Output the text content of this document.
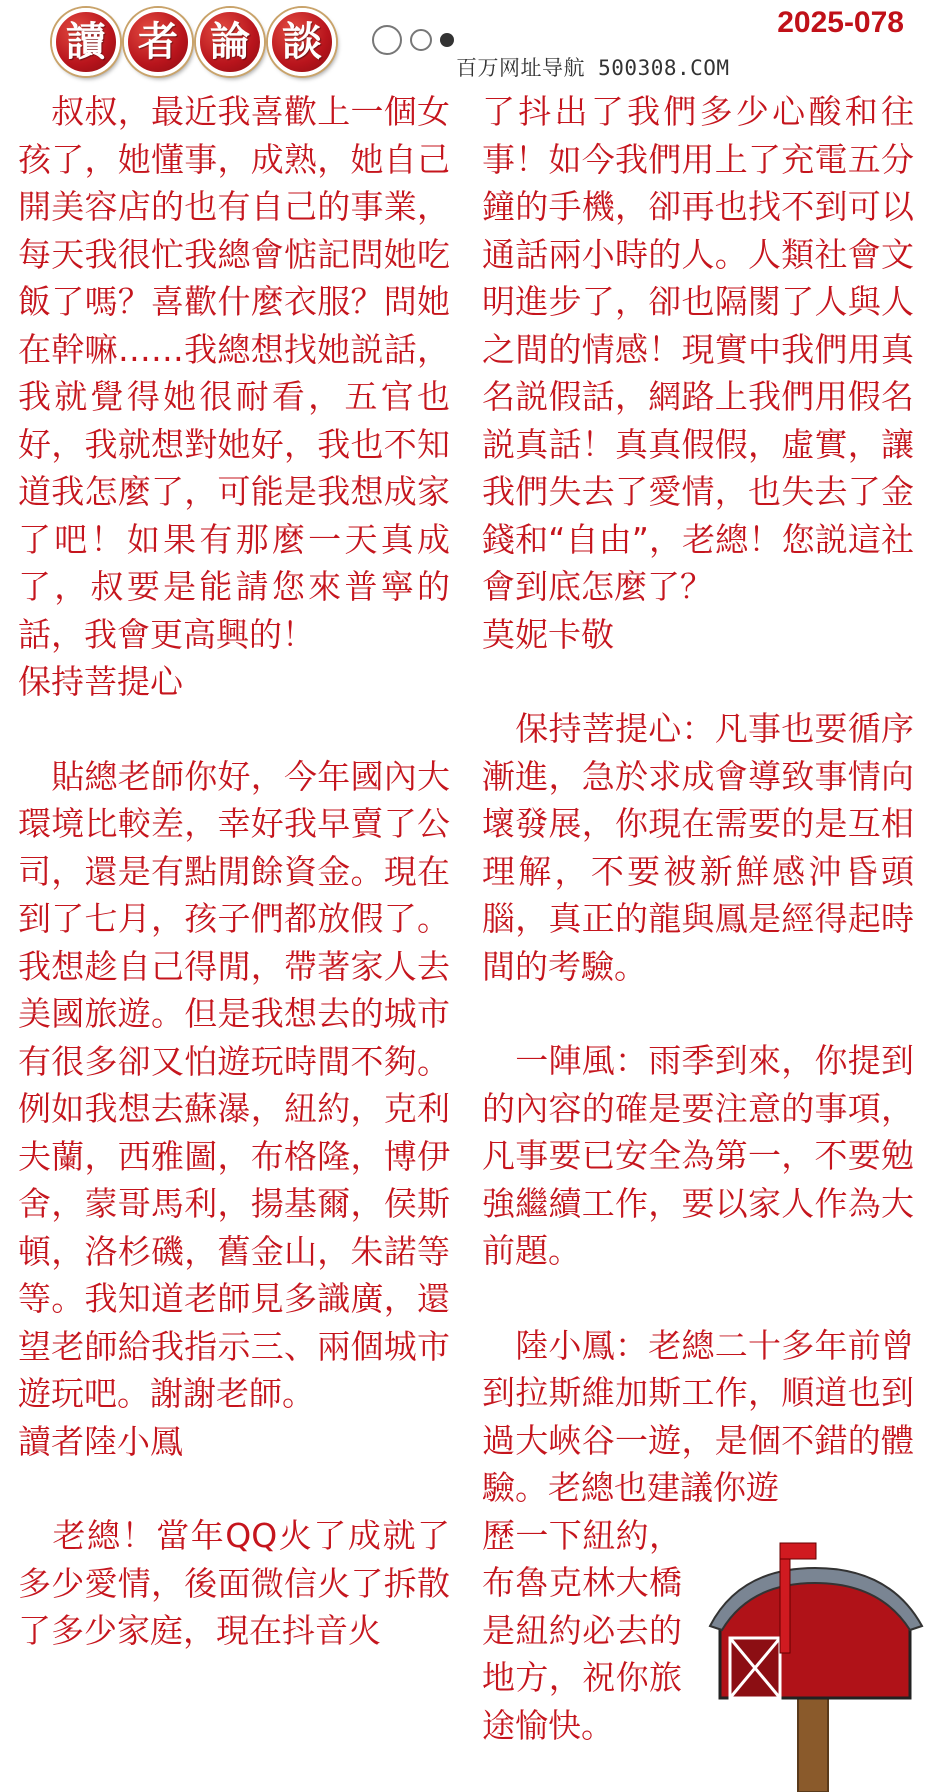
讀 者 論 談	2025-078
百万网址导航 500308.COM

　叔叔，最近我喜歡上一個女孩了，她懂事，成熟，她自己開美容店的也有自己的事業，每天我很忙我總會惦記問她吃飯了嗎？喜歡什麼衣服？問她在幹嘛……我總想找她説話，我就覺得她很耐看，五官也好，我就想對她好，我也不知道我怎麼了，可能是我想成家了吧！如果有那麼一天真成了，叔要是能請您來普寧的話，我會更高興的！

保持菩提心

　貼總老師你好，今年國內大環境比較差，幸好我早賣了公司，還是有點閒餘資金。現在到了七月，孩子們都放假了。我想趁自己得閒，帶著家人去美國旅遊。但是我想去的城市有很多卻又怕遊玩時間不夠。例如我想去蘇瀑，紐約，克利夫蘭，西雅圖，布格隆，博伊舍，蒙哥馬利，揚基爾，侯斯頓，洛杉磯，舊金山，朱諾等等。我知道老師見多識廣，還望老師給我指示三、兩個城市遊玩吧。謝謝老師。

讀者陸小鳳

　老總！當年QQ火了成就了多少愛情，後面微信火了拆散了多少家庭，現在抖音火

了抖出了我們多少心酸和往事！如今我們用上了充電五分鐘的手機，卻再也找不到可以通話兩小時的人。人類社會文明進步了，卻也隔閡了人與人之間的情感！現實中我們用真名説假話，網路上我們用假名説真話！真真假假，虛實，讓我們失去了愛情，也失去了金錢和“自由”，老總！您説這社會到底怎麼了？

莫妮卡敬

　保持菩提心：凡事也要循序漸進，急於求成會導致事情向壞發展，你現在需要的是互相理解，不要被新鮮感沖昏頭腦，真正的龍與鳳是經得起時間的考驗。

　一陣風：雨季到來，你提到的內容的確是要注意的事項，凡事要已安全為第一，不要勉強繼續工作，要以家人作為大前題。

　陸小鳳：老總二十多年前曾到拉斯維加斯工作，順道也到過大峽谷一遊，是個不錯的體驗。老總也建議你遊

歷一下紐約，布魯克林大橋是紐約必去的地方，祝你旅途愉快。
